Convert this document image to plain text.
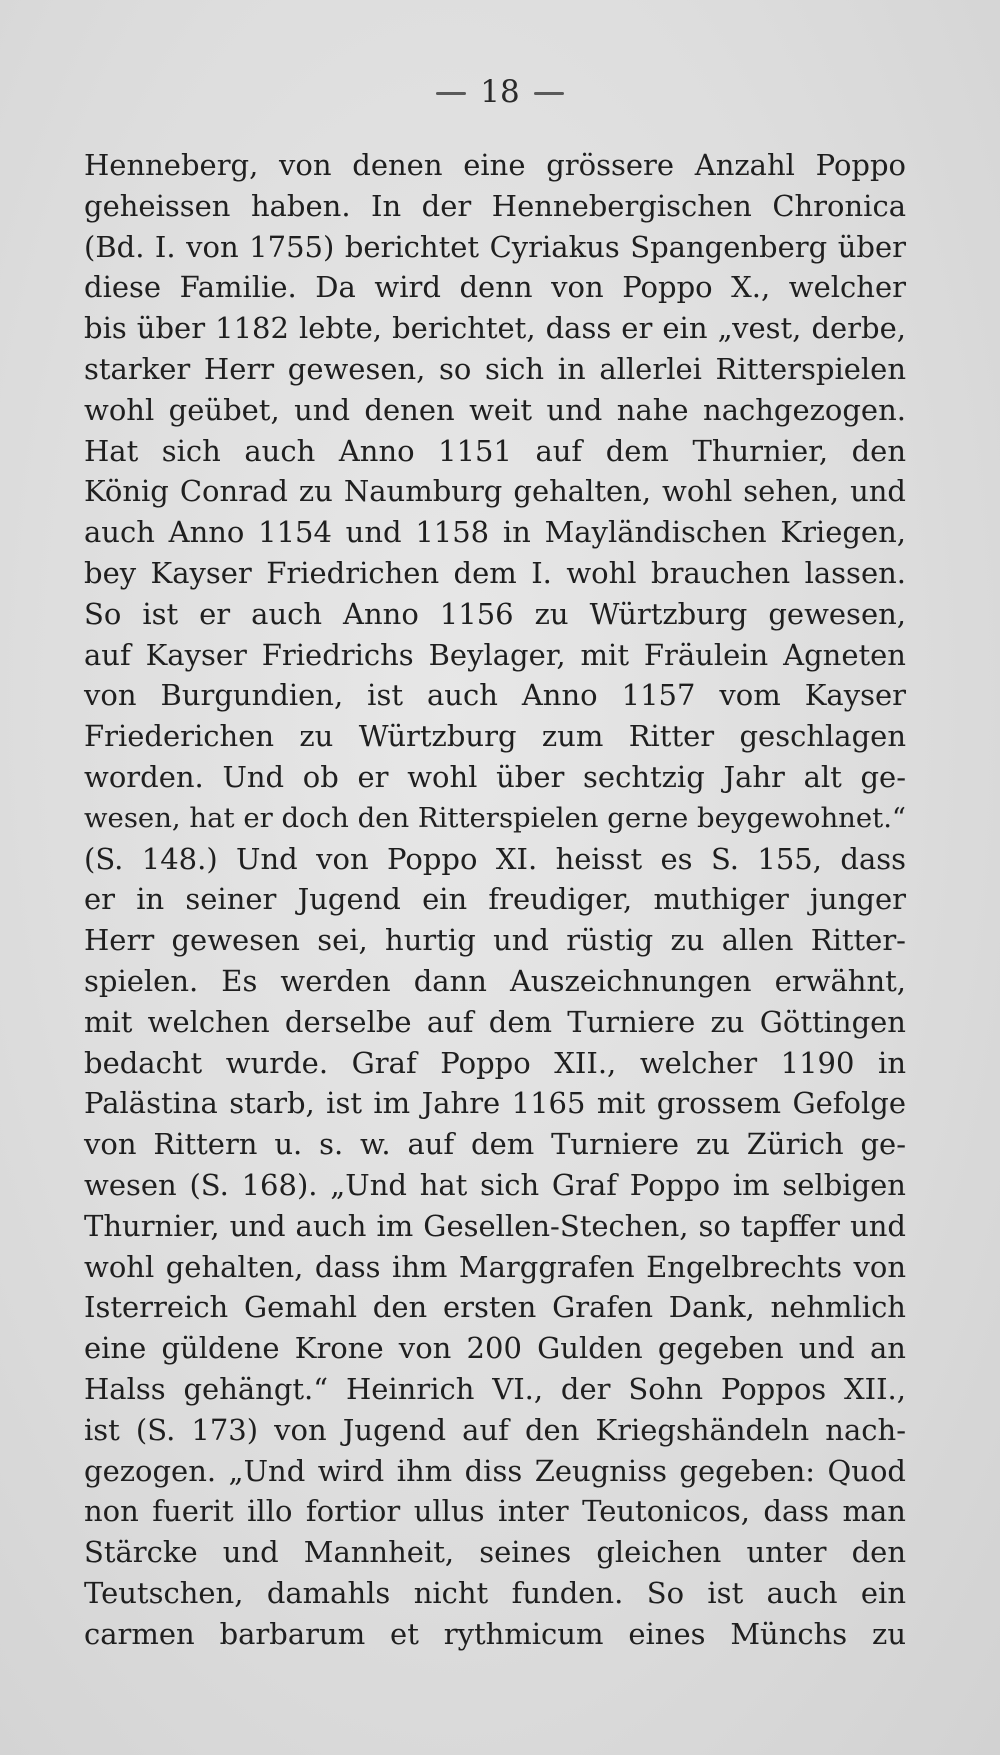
18
Henneberg, von denen eine grössere Anzahl Poppo
geheissen haben. In der Hennebergischen Chronica
(Bd. I. von 1755) berichtet Cyriakus Spangenberg über
diese Familie. Da wird denn von Poppo X., welcher
bis über 1182 lebte, berichtet, dass er ein „vest, derbe,
starker Herr gewesen, so sich in allerlei Ritterspielen
wohl geübet, und denen weit und nahe nachgezogen.
Hat sich auch Anno 1151 auf dem Thurnier, den
König Conrad zu Naumburg gehalten, wohl sehen, und
auch Anno 1154 und 1158 in Mayländischen Kriegen,
bey Kayser Friedrichen dem I. wohl brauchen lassen.
So ist er auch Anno 1156 zu Würtzburg gewesen,
auf Kayser Friedrichs Beylager, mit Fräulein Agneten
von Burgundien, ist auch Anno 1157 vom Kayser
Friederichen zu Würtzburg zum Ritter geschlagen
worden. Und ob er wohl über sechtzig Jahr alt ge-
wesen, hat er doch den Ritterspielen gerne beygewohnet.“
(S. 148.) Und von Poppo XI. heisst es S. 155, dass
er in seiner Jugend ein freudiger, muthiger junger
Herr gewesen sei, hurtig und rüstig zu allen Ritter-
spielen. Es werden dann Auszeichnungen erwähnt,
mit welchen derselbe auf dem Turniere zu Göttingen
bedacht wurde. Graf Poppo XII., welcher 1190 in
Palästina starb, ist im Jahre 1165 mit grossem Gefolge
von Rittern u. s. w. auf dem Turniere zu Zürich ge-
wesen (S. 168). „Und hat sich Graf Poppo im selbigen
Thurnier, und auch im Gesellen-Stechen, so tapffer und
wohl gehalten, dass ihm Marggrafen Engelbrechts von
Isterreich Gemahl den ersten Grafen Dank, nehmlich
eine güldene Krone von 200 Gulden gegeben und an
Halss gehängt.“ Heinrich VI., der Sohn Poppos XII.,
ist (S. 173) von Jugend auf den Kriegshändeln nach-
gezogen. „Und wird ihm diss Zeugniss gegeben: Quod
non fuerit illo fortior ullus inter Teutonicos, dass man
Stärcke und Mannheit, seines gleichen unter den
Teutschen, damahls nicht funden. So ist auch ein
carmen barbarum et rythmicum eines Münchs zu
